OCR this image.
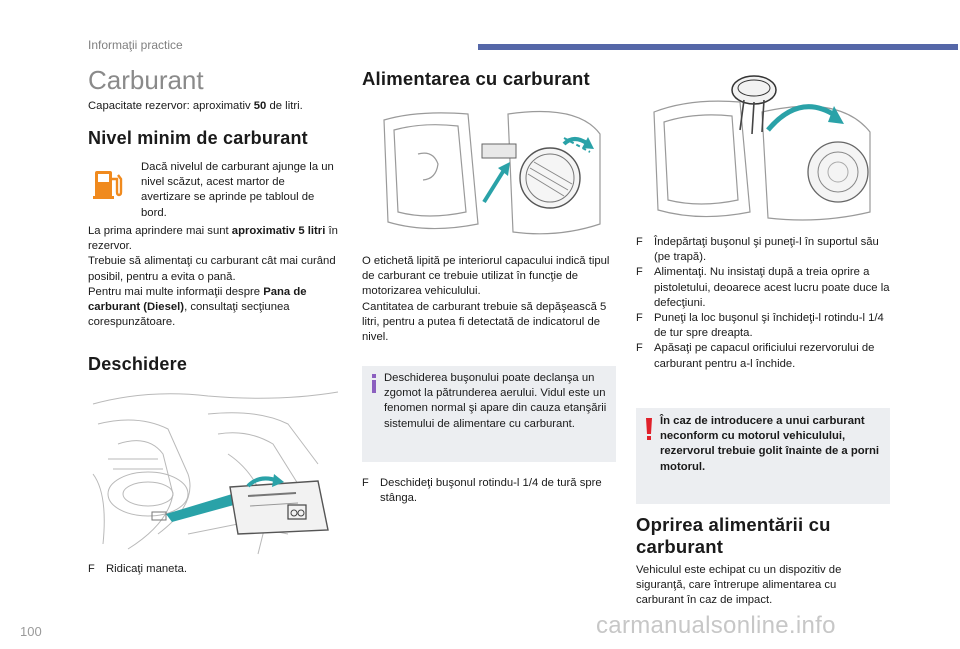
Informaţii practice
Carburant
Capacitate rezervor: aproximativ 50 de litri.
Nivel minim de carburant
Dacă nivelul de carburant ajunge la un nivel scăzut, acest martor de avertizare se aprinde pe tabloul de bord.
La prima aprindere mai sunt aproximativ 5 litri în rezervor.
Trebuie să alimentaţi cu carburant cât mai curând posibil, pentru a evita o pană.
Pentru mai multe informaţii despre Pana de carburant (Diesel), consultaţi secţiunea corespunzătoare.
Deschidere
F Ridicaţi maneta.
Alimentarea cu carburant
O etichetă lipită pe interiorul capacului indică tipul de carburant ce trebuie utilizat în funcţie de motorizarea vehiculului.
Cantitatea de carburant trebuie să depăşească 5 litri, pentru a putea fi detectată de indicatorul de nivel.
Deschiderea buşonului poate declanşa un zgomot la pătrunderea aerului. Vidul este un fenomen normal şi apare din cauza etanşării sistemului de alimentare cu carburant.
F Deschideţi buşonul rotindu-l 1/4 de tură spre stânga.
F Îndepărtaţi buşonul şi puneţi-l în suportul său (pe trapă).
F Alimentaţi. Nu insistaţi după a treia oprire a pistoletului, deoarece acest lucru poate duce la defecţiuni.
F Puneţi la loc buşonul şi închideţi-l rotindu-l 1/4 de tur spre dreapta.
F Apăsaţi pe capacul orificiului rezervorului de carburant pentru a-l închide.
În caz de introducere a unui carburant neconform cu motorul vehiculului, rezervorul trebuie golit înainte de a porni motorul.
Oprirea alimentării cu carburant
Vehiculul este echipat cu un dispozitiv de siguranţă, care întrerupe alimentarea cu carburant în caz de impact.
100	carmanualsonline.info
